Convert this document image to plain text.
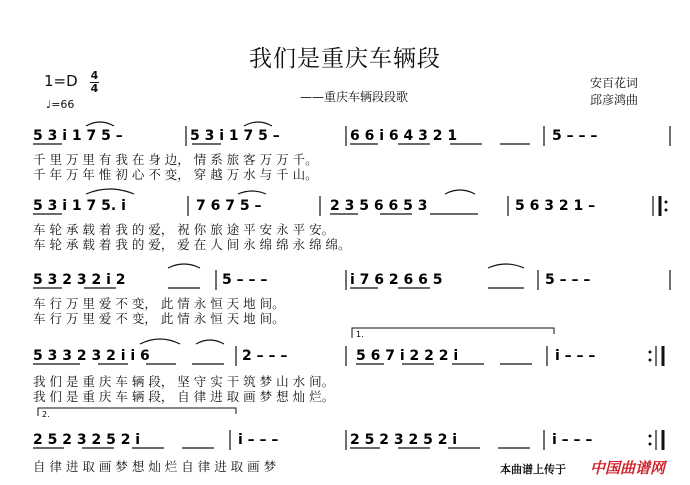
我们是重庆车辆段
——重庆车辆段段歌
安百花词
邱彦鸿曲
1=D 4
4
♩=66
5 3 i 1 7 5 –	5 3 i 1 7 5 –	6 6 i 6 4 3 2 1	5 – – –
千 里 万 里 有 我 在 身 边， 情 系 旅 客 万 万 千。
千 年 万 年 惟 初 心 不 变， 穿 越 万 水 与 千 山。
5 3 i 1 7 5. i	7 6 7 5 –	2 3 5 6 6 5 3	5 6 3 2 1 –
车 轮 承 载 着 我 的 爱， 祝 你 旅 途 平 安 永 平 安。
车 轮 承 载 着 我 的 爱， 爱 在 人 间 永 绵 绵 永 绵 绵。
5 3 2 3 2 i 2	5 – – –	i 7 6 2 6 6 5	5 – – –
车 行 万 里 爱 不 变， 此 情 永 恒 天 地 间。
车 行 万 里 爱 不 变， 此 情 永 恒 天 地 间。
1.
5 3 3 2 3 2 i i 6	2 – – –	5 6 7 i 2 2 2 i	i – – –
我 们 是 重 庆 车 辆 段， 坚 守 实 干 筑 梦 山 水 间。
我 们 是 重 庆 车 辆 段， 自 律 进 取 画 梦 想 灿 烂。
2.
2 5 2 3 2 5 2 i	i – – –	2 5 2 3 2 5 2 i	i – – –
自 律 进 取 画 梦 想 灿 烂 自 律 进 取 画 梦	本曲谱上传于 中国曲谱网
